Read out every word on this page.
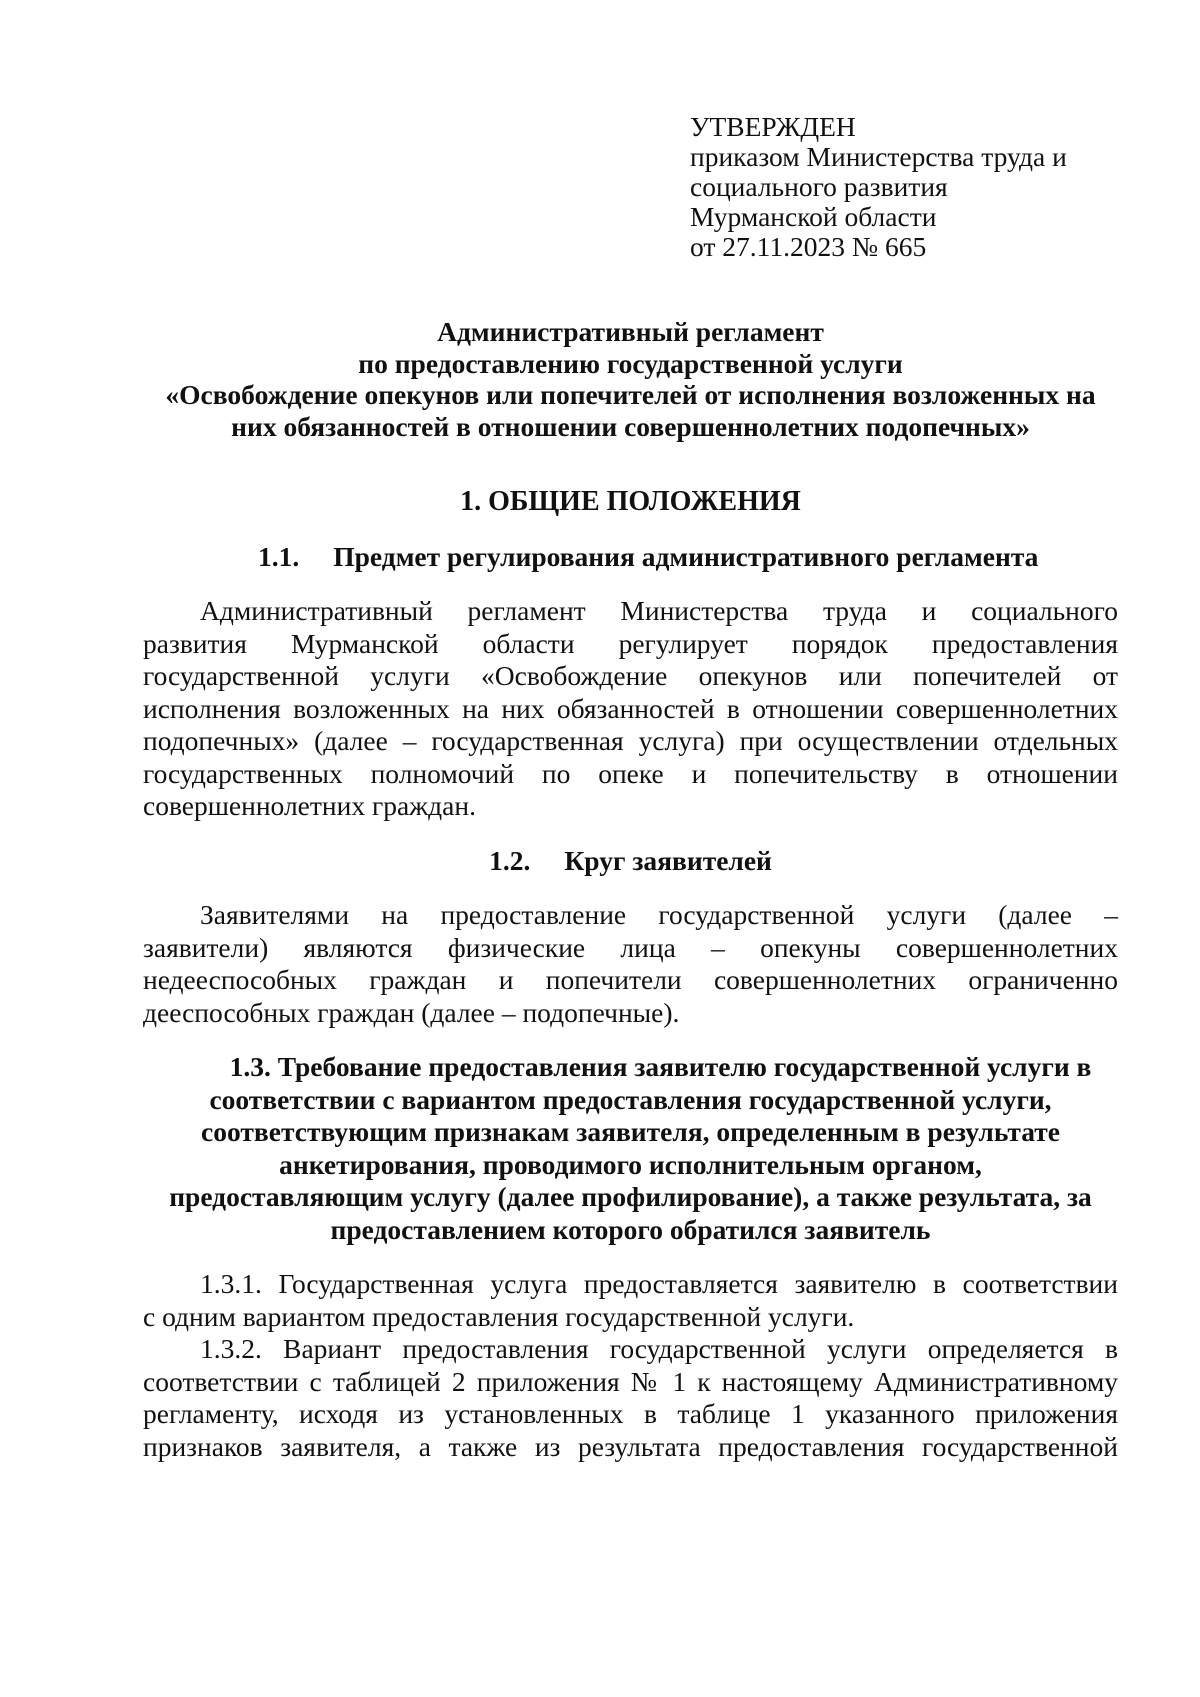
УТВЕРЖДЕН
приказом Министерства труда и
социального развития
Мурманской области
от 27.11.2023 № 665
Административный регламент
по предоставлению государственной услуги
«Освобождение опекунов или попечителей от исполнения возложенных на
них обязанностей в отношении совершеннолетних подопечных»
1. ОБЩИЕ ПОЛОЖЕНИЯ
1.1. Предмет регулирования административного регламента
Административный регламент Министерства труда и социального
развития Мурманской области регулирует порядок предоставления
государственной услуги «Освобождение опекунов или попечителей от
исполнения возложенных на них обязанностей в отношении совершеннолетних
подопечных» (далее – государственная услуга) при осуществлении отдельных
государственных полномочий по опеке и попечительству в отношении
совершеннолетних граждан.
1.2. Круг заявителей
Заявителями на предоставление государственной услуги (далее –
заявители) являются физические лица – опекуны совершеннолетних
недееспособных граждан и попечители совершеннолетних ограниченно
дееспособных граждан (далее – подопечные).
1.3. Требование предоставления заявителю государственной услуги в
соответствии с вариантом предоставления государственной услуги,
соответствующим признакам заявителя, определенным в результате
анкетирования, проводимого исполнительным органом,
предоставляющим услугу (далее профилирование), а также результата, за
предоставлением которого обратился заявитель
1.3.1. Государственная услуга предоставляется заявителю в соответствии
с одним вариантом предоставления государственной услуги.
1.3.2. Вариант предоставления государственной услуги определяется в
соответствии с таблицей 2 приложения № 1 к настоящему Административному
регламенту, исходя из установленных в таблице 1 указанного приложения
признаков заявителя, а также из результата предоставления государственной
